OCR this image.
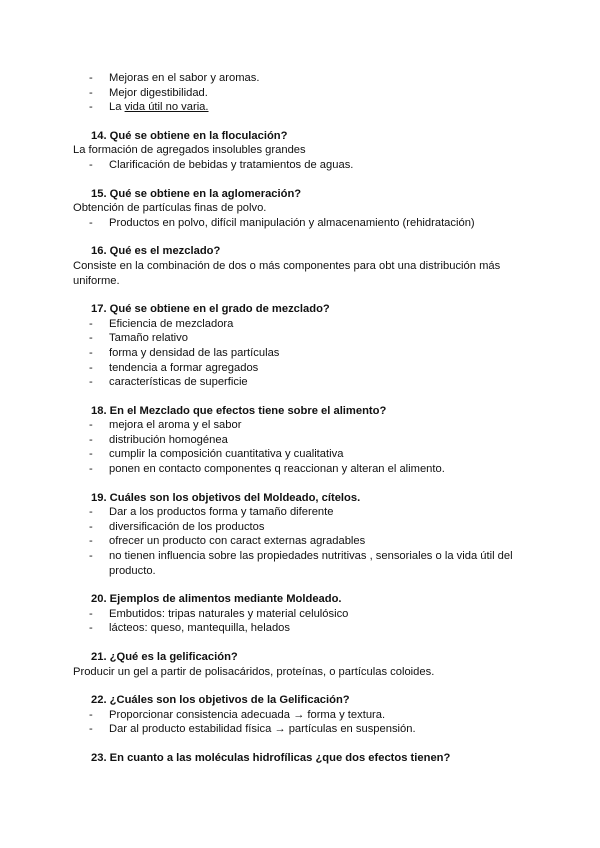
- Mejoras en el sabor y aromas.
- Mejor digestibilidad.
- La vida útil no varia.
14. Qué se obtiene en la floculación?
La formación de agregados insolubles grandes
- Clarificación de bebidas y tratamientos de aguas.
15. Qué se obtiene en la aglomeración?
Obtención de partículas finas de polvo.
- Productos en polvo, difícil manipulación y almacenamiento (rehidratación)
16. Qué es el mezclado?
Consiste en la combinación de dos o más componentes para obt una distribución más uniforme.
17. Qué se obtiene en el grado de mezclado?
- Eficiencia de mezcladora
- Tamaño relativo
- forma y densidad de las partículas
- tendencia a formar agregados
- características de superficie
18. En el Mezclado que efectos tiene sobre el alimento?
- mejora el aroma y el sabor
- distribución homogénea
- cumplir la composición cuantitativa y cualitativa
- ponen en contacto componentes q reaccionan y alteran el alimento.
19. Cuáles son los objetivos del Moldeado, cítelos.
- Dar a los productos forma y tamaño diferente
- diversificación de los productos
- ofrecer un producto con caract externas agradables
- no tienen influencia sobre las propiedades nutritivas , sensoriales o la vida útil del producto.
20. Ejemplos de alimentos mediante Moldeado.
- Embutidos: tripas naturales y material celulósico
- lácteos: queso, mantequilla, helados
21. ¿Qué es la gelificación?
Producir un gel a partir de polisacáridos, proteínas, o partículas coloides.
22. ¿Cuáles son los objetivos de la Gelificación?
- Proporcionar consistencia adecuada → forma y textura.
- Dar al producto estabilidad física → partículas en suspensión.
23. En cuanto a las moléculas hidrofílicas ¿que dos efectos tienen?
